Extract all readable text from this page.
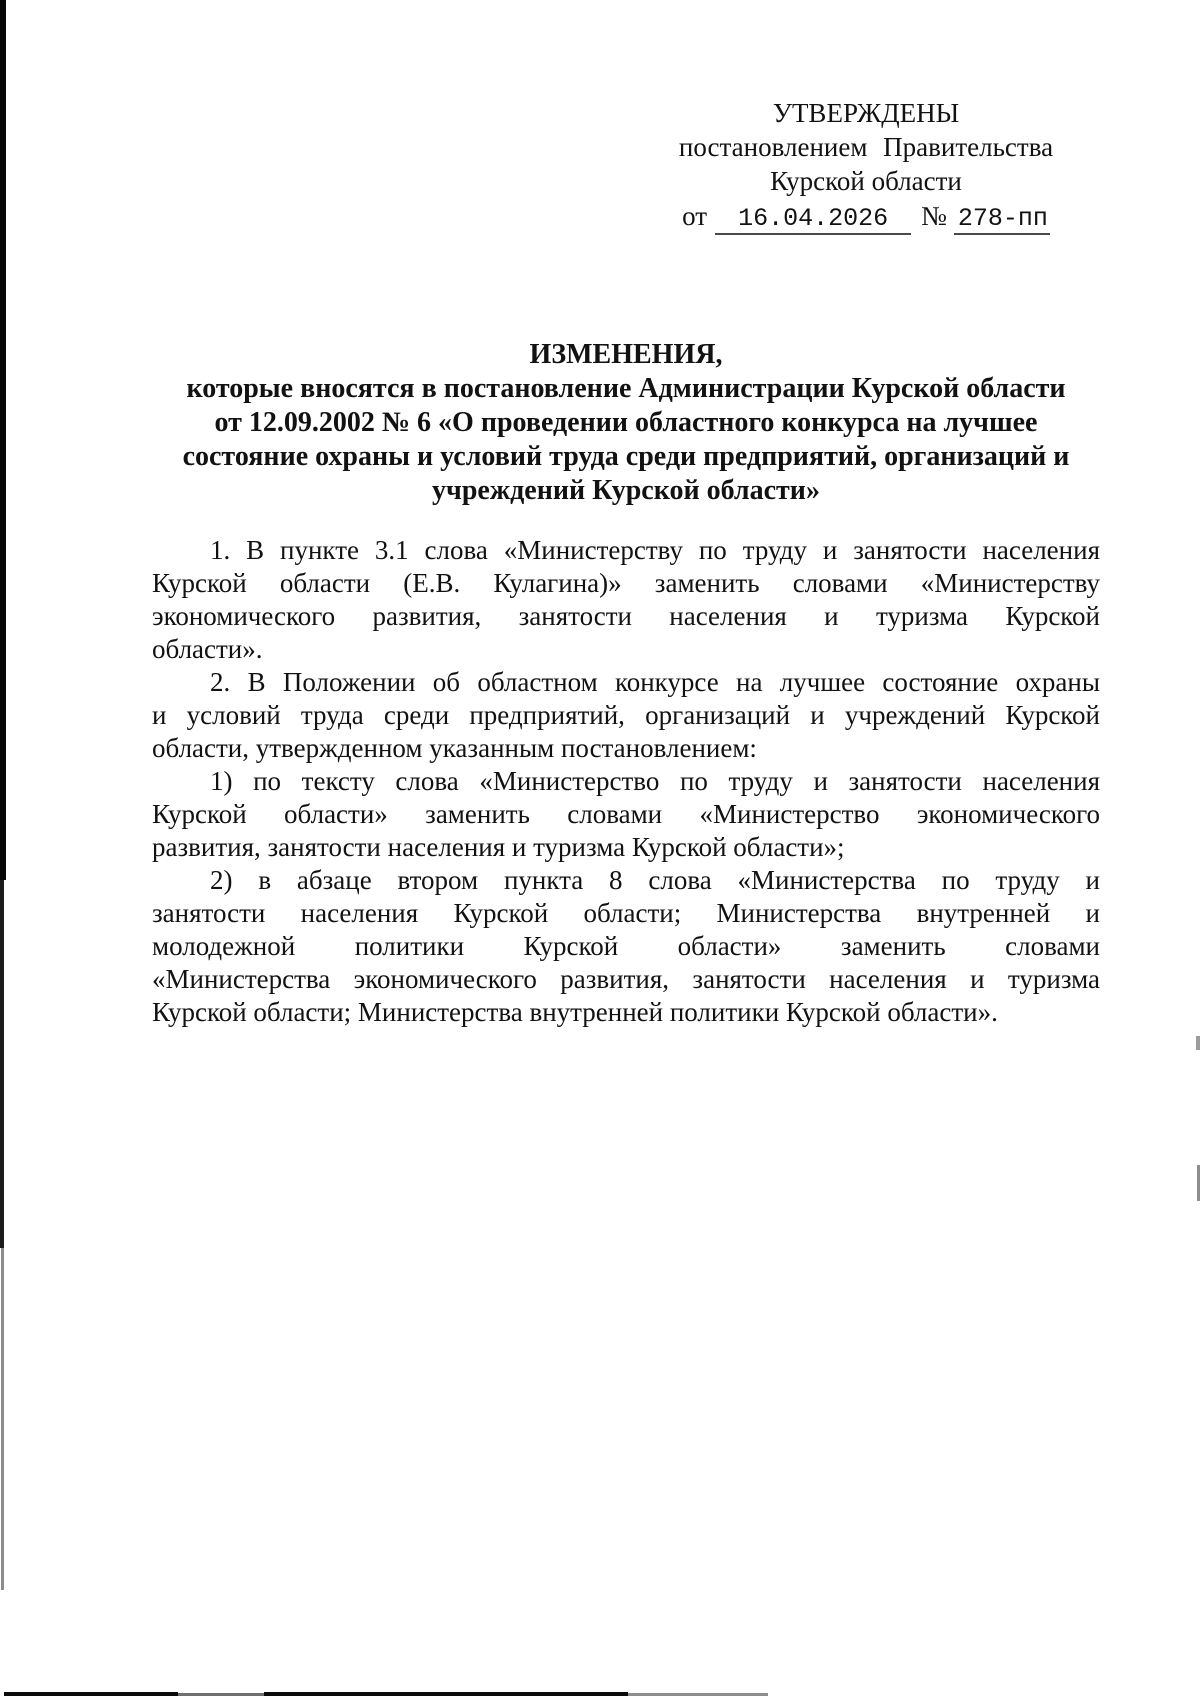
УТВЕРЖДЕНЫ
постановлением Правительства
Курской области
от 16.04.2026 № 278-пп
ИЗМЕНЕНИЯ,
которые вносятся в постановление Администрации Курской области
от 12.09.2002 № 6 «О проведении областного конкурса на лучшее
состояние охраны и условий труда среди предприятий, организаций и
учреждений Курской области»
1. В пункте 3.1 слова «Министерству по труду и занятости населения
Курской области (Е.В. Кулагина)» заменить словами «Министерству
экономического развития, занятости населения и туризма Курской
области».
2. В Положении об областном конкурсе на лучшее состояние охраны
и условий труда среди предприятий, организаций и учреждений Курской
области, утвержденном указанным постановлением:
1) по тексту слова «Министерство по труду и занятости населения
Курской области» заменить словами «Министерство экономического
развития, занятости населения и туризма Курской области»;
2) в абзаце втором пункта 8 слова «Министерства по труду и
занятости населения Курской области; Министерства внутренней и
молодежной политики Курской области» заменить словами
«Министерства экономического развития, занятости населения и туризма
Курской области; Министерства внутренней политики Курской области».
